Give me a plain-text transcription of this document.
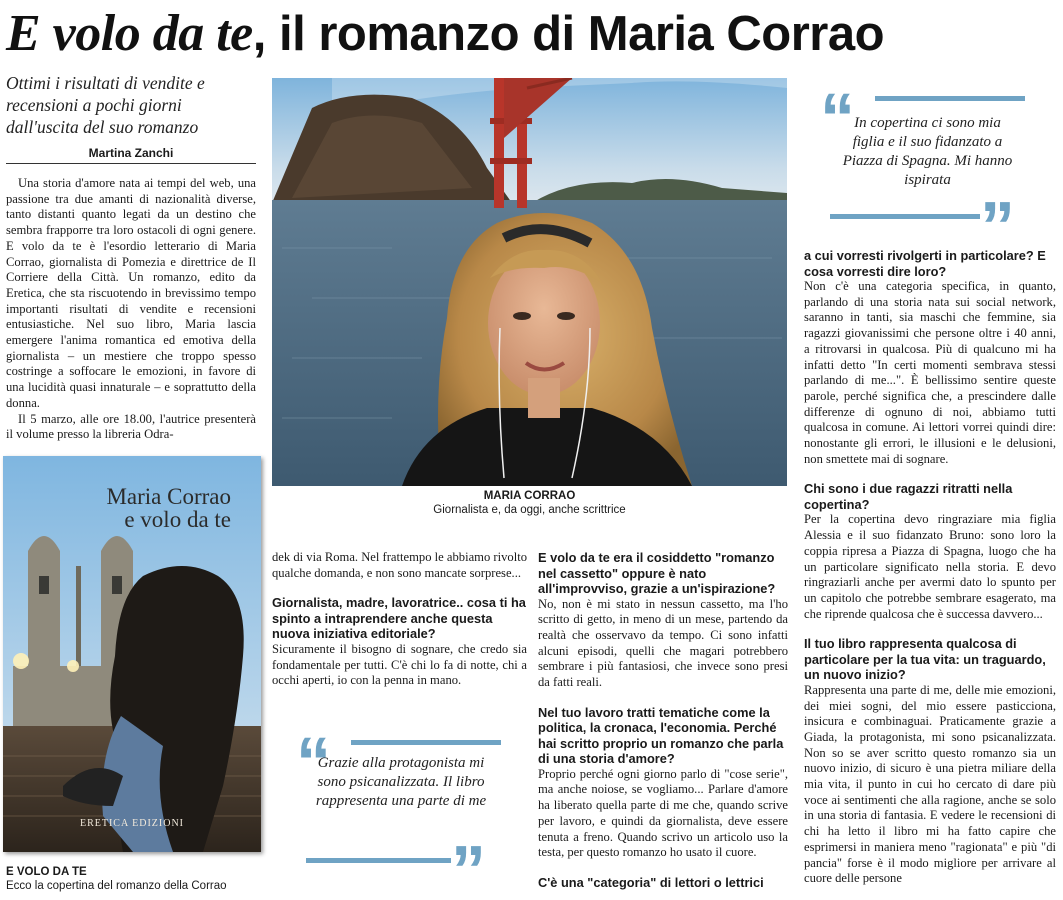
E volo da te, il romanzo di Maria Corrao
Ottimi i risultati di vendite e recensioni a pochi giorni dall'uscita del suo romanzo
Martina Zanchi

Una storia d'amore nata ai tempi del web, una passione tra due amanti di nazionalità diverse, tanto distanti quanto legati da un destino che sembra frapporre tra loro ostacoli di ogni genere. E volo da te è l'esordio letterario di Maria Corrao, giornalista di Pomezia e direttrice de Il Corriere della Città. Un romanzo, edito da Eretica, che sta riscuotendo in brevissimo tempo importanti risultati di vendite e recensioni entusiastiche. Nel suo libro, Maria lascia emergere l'anima romantica ed emotiva della giornalista – un mestiere che troppo spesso costringe a soffocare le emozioni, in favore di una lucidità quasi innaturale – e soprattutto della donna.

Il 5 marzo, alle ore 18.00, l'autrice presenterà il volume presso la libreria Odra-

MARIA CORRAO
Giornalista e, da oggi, anche scrittrice
Maria Corrao
e volo da te
ERETICA EDIZIONI
E VOLO DA TE
Ecco la copertina del romanzo della Corrao
“ In copertina ci sono mia figlia e il suo fidanzato a Piazza di Spagna. Mi hanno ispirata
”
“
Grazie alla protagonista mi sono psicanalizzata. Il libro rappresenta una parte di me
”

dek di via Roma. Nel frattempo le abbiamo rivolto qualche domanda, e non sono mancate sorprese...

Giornalista, madre, lavoratrice.. cosa ti ha spinto a intraprendere anche questa nuova iniziativa editoriale?

Sicuramente il bisogno di sognare, che credo sia fondamentale per tutti. C'è chi lo fa di notte, chi a occhi aperti, io con la penna in mano.

E volo da te era il cosiddetto "romanzo nel cassetto" oppure è nato all'improvviso, grazie a un'ispirazione?

No, non è mi stato in nessun cassetto, ma l'ho scritto di getto, in meno di un mese, partendo da realtà che osservavo da tempo. Ci sono infatti alcuni episodi, quelli che magari potrebbero sembrare i più fantasiosi, che invece sono presi da fatti reali.

Nel tuo lavoro tratti tematiche come la politica, la cronaca, l'economia. Perché hai scritto proprio un romanzo che parla di una storia d'amore?

Proprio perché ogni giorno parlo di "cose serie", ma anche noiose, se vogliamo... Parlare d'amore ha liberato quella parte di me che, quando scrive per lavoro, e quindi da giornalista, deve essere tenuta a freno. Quando scrivo un articolo uso la testa, per questo romanzo ho usato il cuore.

C'è una "categoria" di lettori o lettrici
a cui vorresti rivolgerti in particolare? E cosa vorresti dire loro?

Non c'è una categoria specifica, in quanto, parlando di una storia nata sui social network, saranno in tanti, sia maschi che femmine, sia ragazzi giovanissimi che persone oltre i 40 anni, a ritrovarsi in qualcosa. Più di qualcuno mi ha infatti detto "In certi momenti sembrava stessi parlando di me...". È bellissimo sentire queste parole, perché significa che, a prescindere dalle differenze di ognuno di noi, abbiamo tutti qualcosa in comune. Ai lettori vorrei quindi dire: nonostante gli errori, le illusioni e le delusioni, non smettete mai di sognare.

Chi sono i due ragazzi ritratti nella copertina?

Per la copertina devo ringraziare mia figlia Alessia e il suo fidanzato Bruno: sono loro la coppia ripresa a Piazza di Spagna, luogo che ha un particolare significato nella storia. E devo ringraziarli anche per avermi dato lo spunto per un capitolo che potrebbe sembrare esagerato, ma che riprende qualcosa che è successa davvero...

Il tuo libro rappresenta qualcosa di particolare per la tua vita: un traguardo, un nuovo inizio?

Rappresenta una parte di me, delle mie emozioni, dei miei sogni, del mio essere pasticciona, insicura e combinaguai. Praticamente grazie a Giada, la protagonista, mi sono psicanalizzata. Non so se aver scritto questo romanzo sia un nuovo inizio, di sicuro è una pietra miliare della mia vita, il punto in cui ho cercato di dare più voce ai sentimenti che alla ragione, anche se solo in una storia di fantasia. E vedere le recensioni di chi ha letto il libro mi ha fatto capire che esprimersi in maniera meno "ragionata" e più "di pancia" forse è il modo migliore per arrivare al cuore delle persone
